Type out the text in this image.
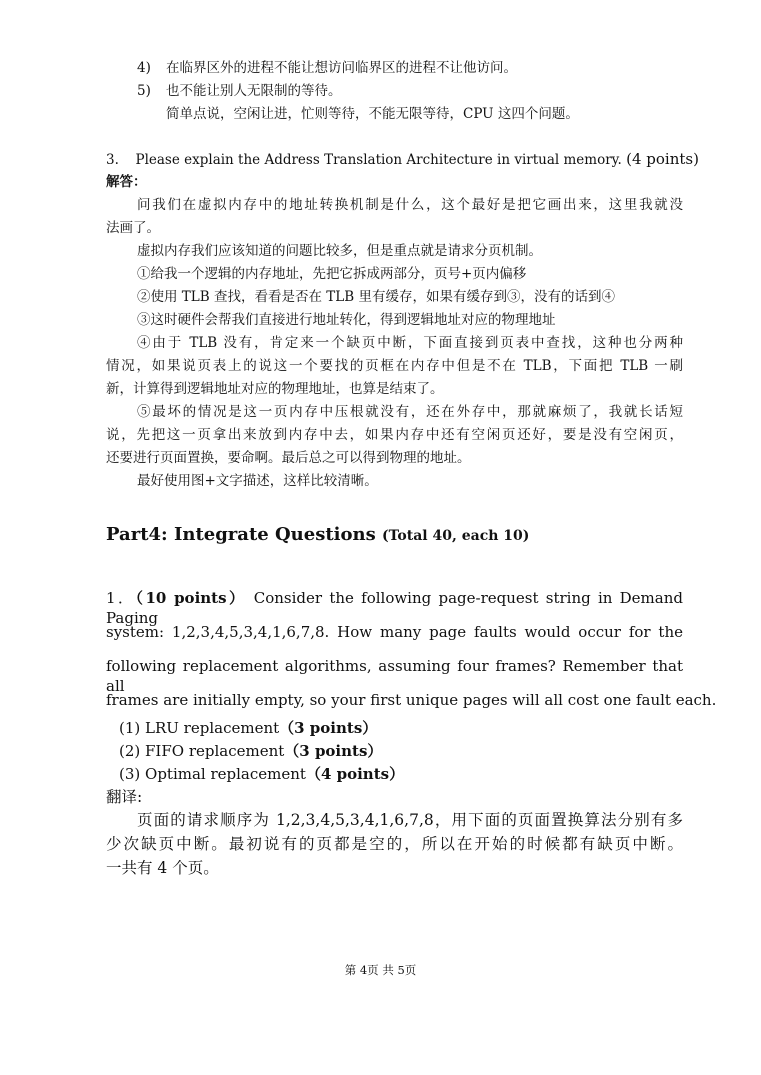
4) 在临界区外的进程不能让想访问临界区的进程不让他访问。
5) 也不能让别人无限制的等待。
简单点说，空闲让进，忙则等待，不能无限等待，CPU 这四个问题。
3. Please explain the Address Translation Architecture in virtual memory. (4 points)
解答：
问我们在虚拟内存中的地址转换机制是什么，这个最好是把它画出来，这里我就没
法画了。
虚拟内存我们应该知道的问题比较多，但是重点就是请求分页机制。
①给我一个逻辑的内存地址，先把它拆成两部分，页号+页内偏移
②使用 TLB 查找，看看是否在 TLB 里有缓存，如果有缓存到③，没有的话到④
③这时硬件会帮我们直接进行地址转化，得到逻辑地址对应的物理地址
④由于 TLB 没有，肯定来一个缺页中断，下面直接到页表中查找，这种也分两种
情况，如果说页表上的说这一个要找的页框在内存中但是不在 TLB，下面把 TLB 一刷
新，计算得到逻辑地址对应的物理地址，也算是结束了。
⑤最坏的情况是这一页内存中压根就没有，还在外存中，那就麻烦了，我就长话短
说，先把这一页拿出来放到内存中去，如果内存中还有空闲页还好，要是没有空闲页，
还要进行页面置换，要命啊。最后总之可以得到物理的地址。
最好使用图+文字描述，这样比较清晰。
Part4: Integrate Questions (Total 40, each 10)
1．（10 points） Consider the following page-request string in Demand Paging
system: 1,2,3,4,5,3,4,1,6,7,8. How many page faults would occur for the
following replacement algorithms, assuming four frames? Remember that all
frames are initially empty, so your first unique pages will all cost one fault each.
(1) LRU replacement（3 points）
(2) FIFO replacement（3 points）
(3) Optimal replacement（4 points）
翻译:
页面的请求顺序为 1,2,3,4,5,3,4,1,6,7,8，用下面的页面置换算法分别有多
少次缺页中断。最初说有的页都是空的，所以在开始的时候都有缺页中断。
一共有 4 个页。
第 4页 共 5页
